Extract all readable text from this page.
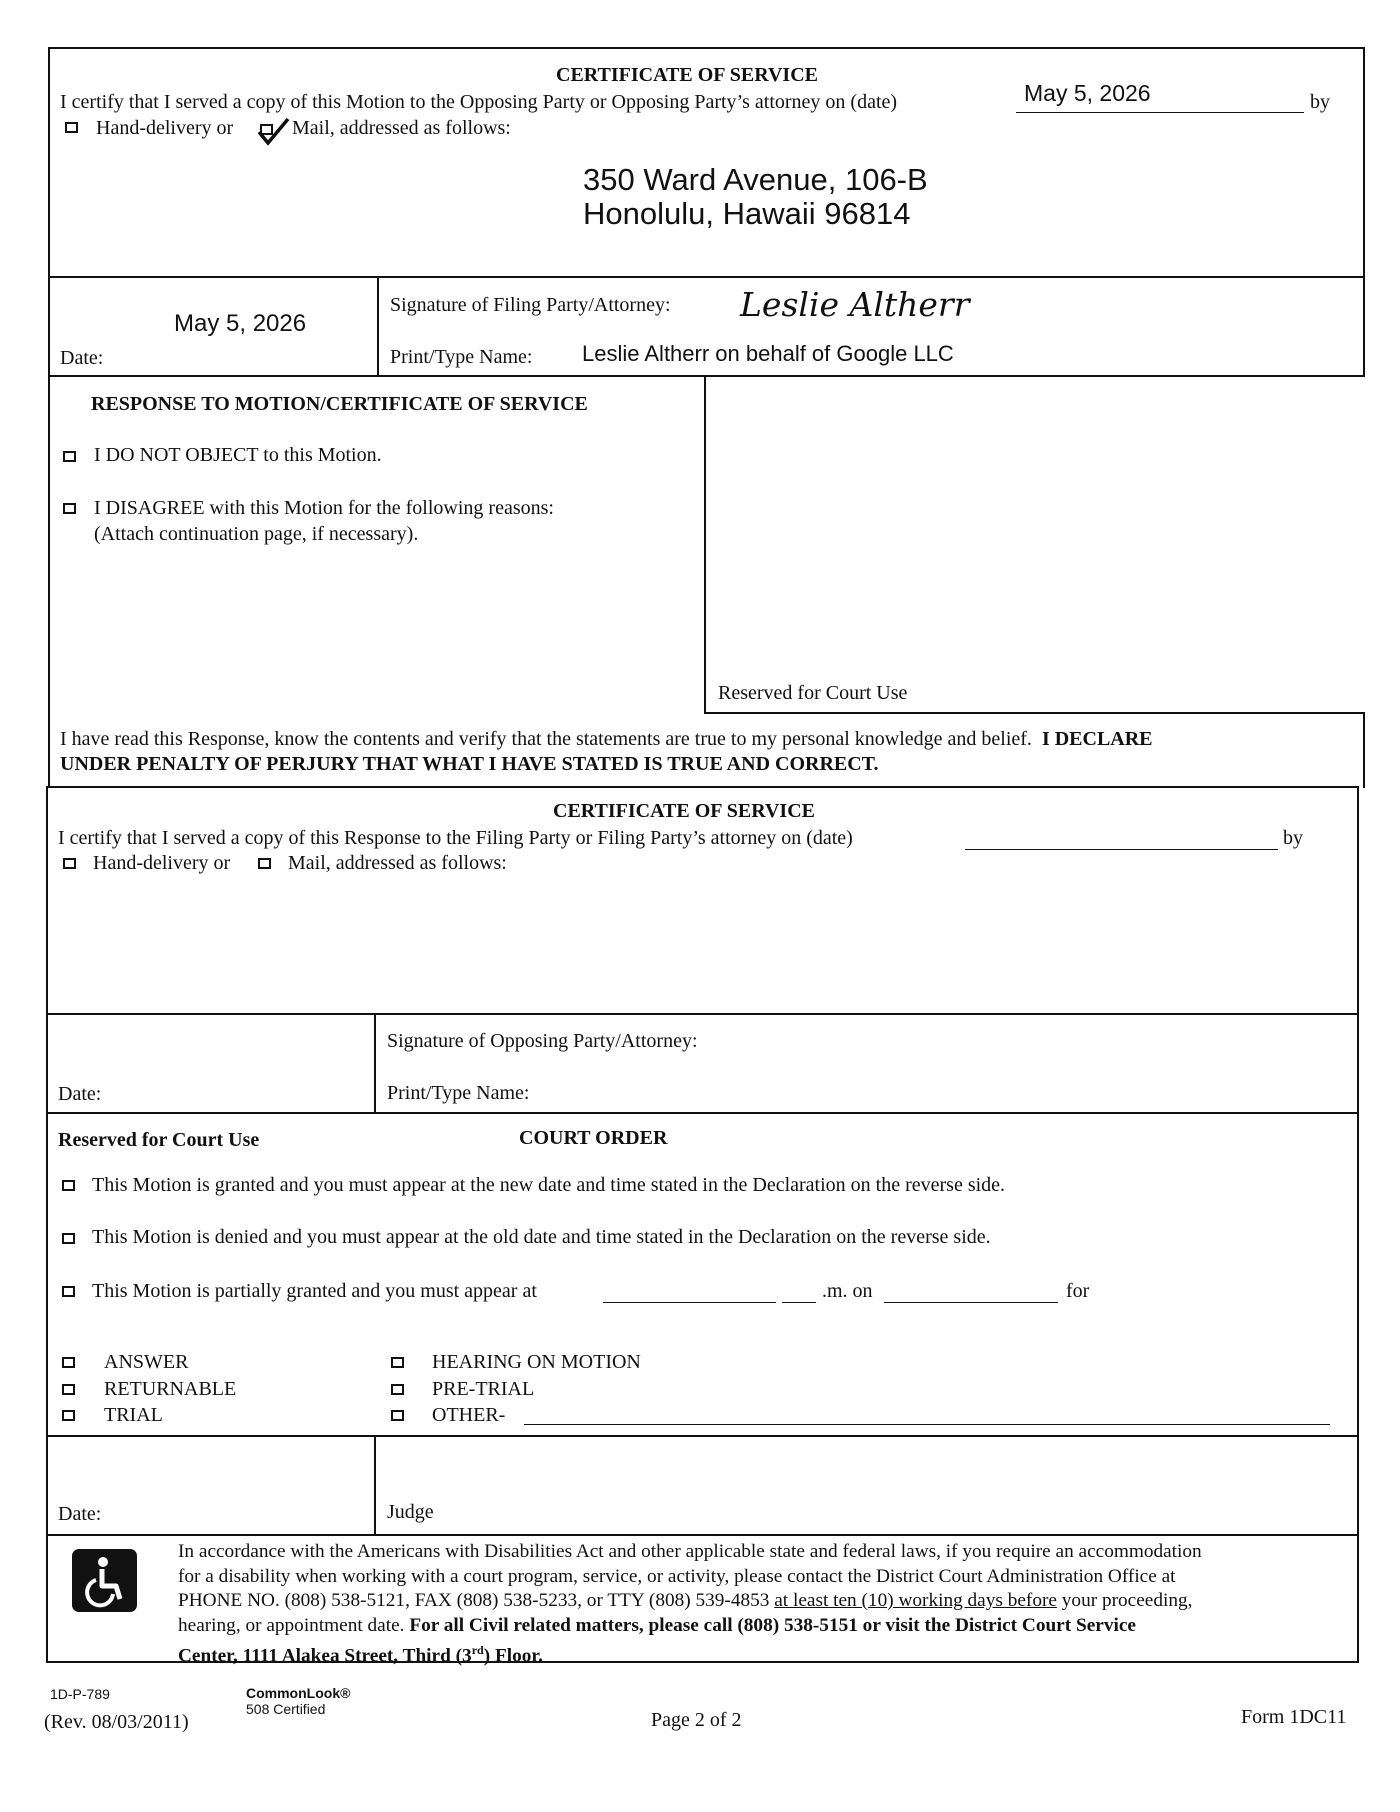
CERTIFICATE OF SERVICE
I certify that I served a copy of this Motion to the Opposing Party or Opposing Party’s attorney on (date)	May 5, 2026	by
Hand-delivery or	Mail, addressed as follows:
350 Ward Avenue, 106-B
Honolulu, Hawaii 96814
May 5, 2026
Date:
Signature of Filing Party/Attorney: Leslie Altherr
Print/Type Name: Leslie Altherr on behalf of Google LLC
RESPONSE TO MOTION/CERTIFICATE OF SERVICE
I DO NOT OBJECT to this Motion.
I DISAGREE with this Motion for the following reasons:
(Attach continuation page, if necessary).
Reserved for Court Use
I have read this Response, know the contents and verify that the statements are true to my personal knowledge and belief. I DECLARE
UNDER PENALTY OF PERJURY THAT WHAT I HAVE STATED IS TRUE AND CORRECT.
CERTIFICATE OF SERVICE
I certify that I served a copy of this Response to the Filing Party or Filing Party’s attorney on (date)	by
Hand-delivery or	Mail, addressed as follows:
Date:
Signature of Opposing Party/Attorney:
Print/Type Name:
Reserved for Court Use	COURT ORDER
This Motion is granted and you must appear at the new date and time stated in the Declaration on the reverse side.
This Motion is denied and you must appear at the old date and time stated in the Declaration on the reverse side.
This Motion is partially granted and you must appear at	.m. on	for
ANSWER
RETURNABLE
TRIAL
HEARING ON MOTION
PRE-TRIAL
OTHER-
Date:	Judge
In accordance with the Americans with Disabilities Act and other applicable state and federal laws, if you require an accommodation
for a disability when working with a court program, service, or activity, please contact the District Court Administration Office at
PHONE NO. (808) 538-5121, FAX (808) 538-5233, or TTY (808) 539-4853 at least ten (10) working days before your proceeding,
hearing, or appointment date. For all Civil related matters, please call (808) 538-5151 or visit the District Court Service
Center, 1111 Alakea Street, Third (3rd) Floor.
1D-P-789
(Rev. 08/03/2011)
CommonLook®
508 Certified	Page 2 of 2	Form 1DC11
